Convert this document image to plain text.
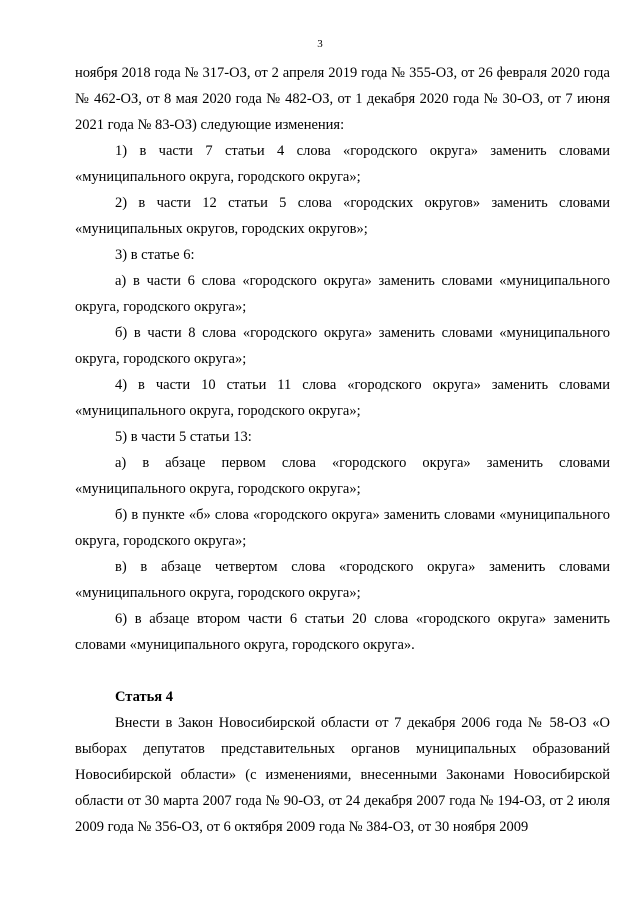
3

ноября 2018 года № 317-ОЗ, от 2 апреля 2019 года № 355-ОЗ, от 26 февраля 2020 года № 462-ОЗ, от 8 мая 2020 года № 482-ОЗ, от 1 декабря 2020 года № 30-ОЗ, от 7 июня 2021 года № 83-ОЗ) следующие изменения:

1) в части 7 статьи 4 слова «городского округа» заменить словами «муниципального округа, городского округа»;

2) в части 12 статьи 5 слова «городских округов» заменить словами «муниципальных округов, городских округов»;

3) в статье 6:

а) в части 6 слова «городского округа» заменить словами «муниципального округа, городского округа»;

б) в части 8 слова «городского округа» заменить словами «муниципального округа, городского округа»;

4) в части 10 статьи 11 слова «городского округа» заменить словами «муниципального округа, городского округа»;

5) в части 5 статьи 13:

а) в абзаце первом слова «городского округа» заменить словами «муниципального округа, городского округа»;

б) в пункте «б» слова «городского округа» заменить словами «муниципального округа, городского округа»;

в) в абзаце четвертом слова «городского округа» заменить словами «муниципального округа, городского округа»;

6) в абзаце втором части 6 статьи 20 слова «городского округа» заменить словами «муниципального округа, городского округа».

Статья 4

Внести в Закон Новосибирской области от 7 декабря 2006 года № 58-ОЗ «О выборах депутатов представительных органов муниципальных образований Новосибирской области» (с изменениями, внесенными Законами Новосибирской области от 30 марта 2007 года № 90-ОЗ, от 24 декабря 2007 года № 194-ОЗ, от 2 июля 2009 года № 356-ОЗ, от 6 октября 2009 года № 384-ОЗ, от 30 ноября 2009
